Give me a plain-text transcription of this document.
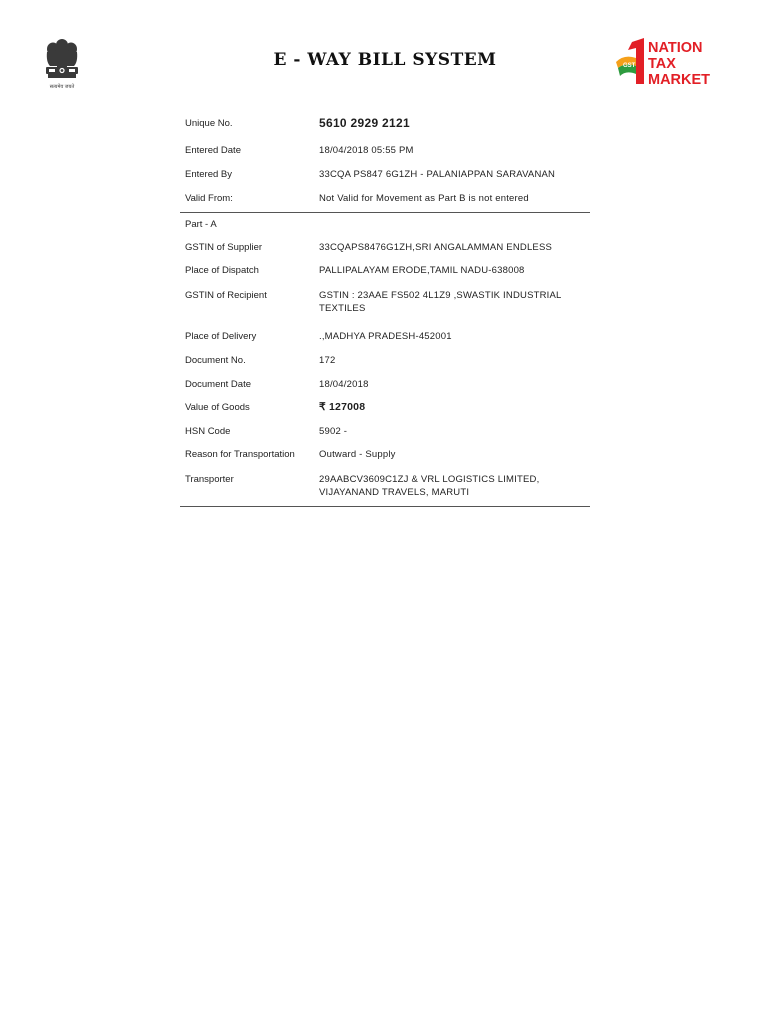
सत्यमेव जयते
E - WAY BILL SYSTEM	GST
NATION
TAX
MARKET
Unique No.	5610 2929 2121
Entered Date	18/04/2018 05:55 PM
Entered By	33CQA PS847 6G1ZH - PALANIAPPAN SARAVANAN
Valid From:	Not Valid for Movement as Part B is not entered
Part - A
GSTIN of Supplier	33CQAPS8476G1ZH,SRI ANGALAMMAN ENDLESS
Place of Dispatch	PALLIPALAYAM ERODE,TAMIL NADU-638008
GSTIN of Recipient	GSTIN : 23AAE FS502 4L1Z9 ,SWASTIK INDUSTRIAL
TEXTILES
Place of Delivery	.,MADHYA PRADESH-452001
Document No.	172
Document Date	18/04/2018
Value of Goods	₹ 127008
HSN Code	5902 -
Reason for Transportation	Outward - Supply
Transporter	29AABCV3609C1ZJ & VRL LOGISTICS LIMITED,
VIJAYANAND TRAVELS, MARUTI
